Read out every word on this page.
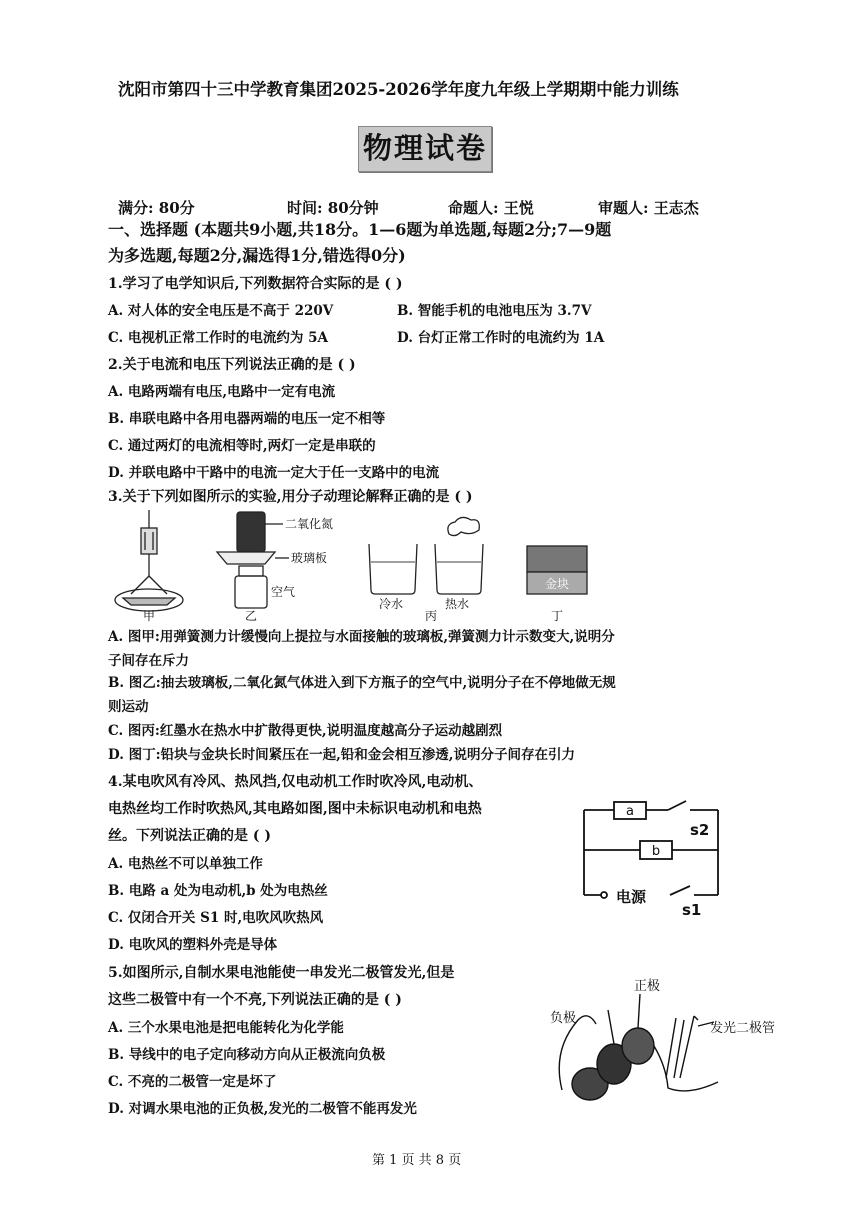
沈阳市第四十三中学教育集团2025-2026学年度九年级上学期期中能力训练
物理试卷
满分: 80分	时间: 80分钟	命题人: 王悦	审题人: 王志杰
一、选择题 (本题共9小题,共18分。1—6题为单选题,每题2分;7—9题
为多选题,每题2分,漏选得1分,错选得0分)
1.学习了电学知识后,下列数据符合实际的是 ( )
A. 对人体的安全电压是不高于 220V	B. 智能手机的电池电压为 3.7V
C. 电视机正常工作时的电流约为 5A	D. 台灯正常工作时的电流约为 1A
2.关于电流和电压下列说法正确的是 ( )
A. 电路两端有电压,电路中一定有电流
B. 串联电路中各用电器两端的电压一定不相等
C. 通过两灯的电流相等时,两灯一定是串联的
D. 并联电路中干路中的电流一定大于任一支路中的电流
3.关于下列如图所示的实验,用分子动理论解释正确的是 ( )
甲
二氧化氮
玻璃板
空气
乙
冷水	热水
丙
金块
丁
A. 图甲:用弹簧测力计缓慢向上提拉与水面接触的玻璃板,弹簧测力计示数变大,说明分
子间存在斥力
B. 图乙:抽去玻璃板,二氧化氮气体进入到下方瓶子的空气中,说明分子在不停地做无规
则运动
C. 图丙:红墨水在热水中扩散得更快,说明温度越高分子运动越剧烈
D. 图丁:铅块与金块长时间紧压在一起,铅和金会相互渗透,说明分子间存在引力
4.某电吹风有冷风、热风挡,仅电动机工作时吹冷风,电动机、
电热丝均工作时吹热风,其电路如图,图中未标识电动机和电热
丝。下列说法正确的是 ( )
A. 电热丝不可以单独工作
B. 电路 a 处为电动机,b 处为电热丝
C. 仅闭合开关 S1 时,电吹风吹热风
D. 电吹风的塑料外壳是导体
a
b
s2
电源
s1
5.如图所示,自制水果电池能使一串发光二极管发光,但是
这些二极管中有一个不亮,下列说法正确的是 ( )
A. 三个水果电池是把电能转化为化学能
B. 导线中的电子定向移动方向从正极流向负极
C. 不亮的二极管一定是坏了
D. 对调水果电池的正负极,发光的二极管不能再发光
负极
正极
发光二极管
第 1 页 共 8 页
